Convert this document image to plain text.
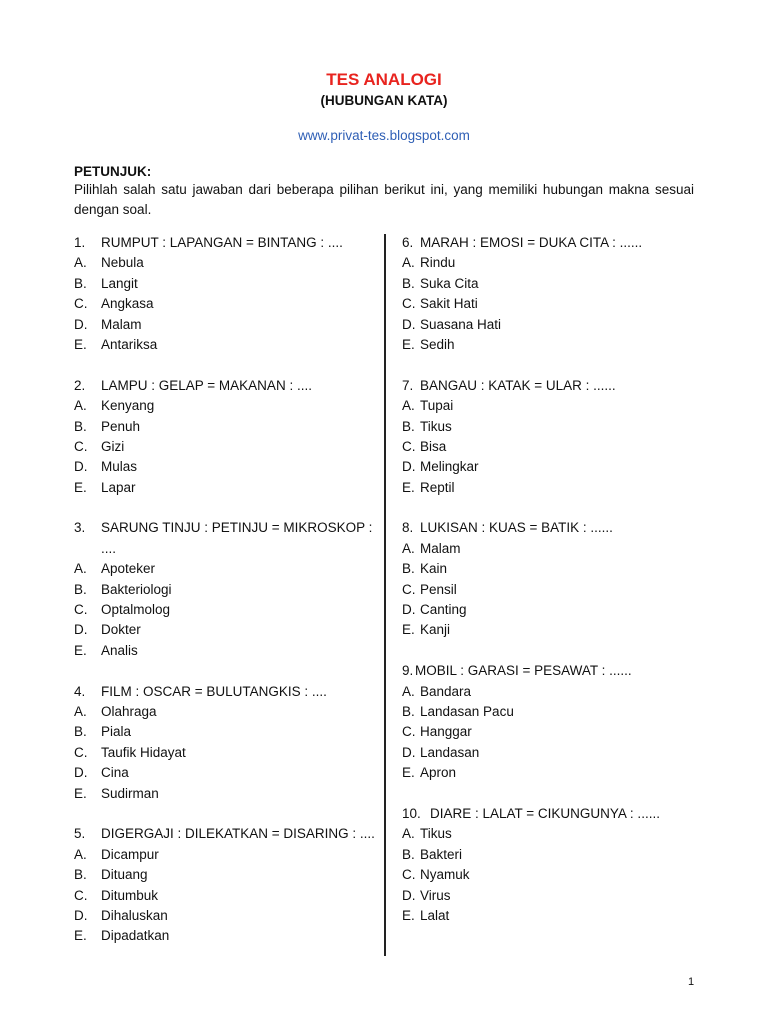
TES ANALOGI
(HUBUNGAN KATA)
www.privat-tes.blogspot.com
PETUNJUK:
Pilihlah salah satu jawaban dari beberapa pilihan berikut ini, yang memiliki hubungan makna sesuai dengan soal.
1.	RUMPUT : LAPANGAN = BINTANG : ....
A.	Nebula
B.	Langit
C.	Angkasa
D.	Malam
E.	Antariksa
2.	LAMPU : GELAP = MAKANAN : ....
A.	Kenyang
B.	Penuh
C.	Gizi
D.	Mulas
E.	Lapar
3.	SARUNG TINJU : PETINJU = MIKROSKOP :
....
A.	Apoteker
B.	Bakteriologi
C.	Optalmolog
D.	Dokter
E.	Analis
4.	FILM : OSCAR = BULUTANGKIS : ....
A.	Olahraga
B.	Piala
C.	Taufik Hidayat
D.	Cina
E.	Sudirman
5.	DIGERGAJI : DILEKATKAN = DISARING : ....
A.	Dicampur
B.	Dituang
C.	Ditumbuk
D.	Dihaluskan
E.	Dipadatkan
6. MARAH : EMOSI = DUKA CITA : ......
A. Rindu
B. Suka Cita
C. Sakit Hati
D. Suasana Hati
E. Sedih
7. BANGAU : KATAK = ULAR : ......
A. Tupai
B. Tikus
C. Bisa
D. Melingkar
E. Reptil
8. LUKISAN : KUAS = BATIK : ......
A. Malam
B. Kain
C. Pensil
D. Canting
E. Kanji
9. MOBIL : GARASI = PESAWAT : ......
A. Bandara
B. Landasan Pacu
C. Hanggar
D. Landasan
E. Apron
10. DIARE : LALAT = CIKUNGUNYA : ......
A. Tikus
B. Bakteri
C. Nyamuk
D. Virus
E. Lalat
1
